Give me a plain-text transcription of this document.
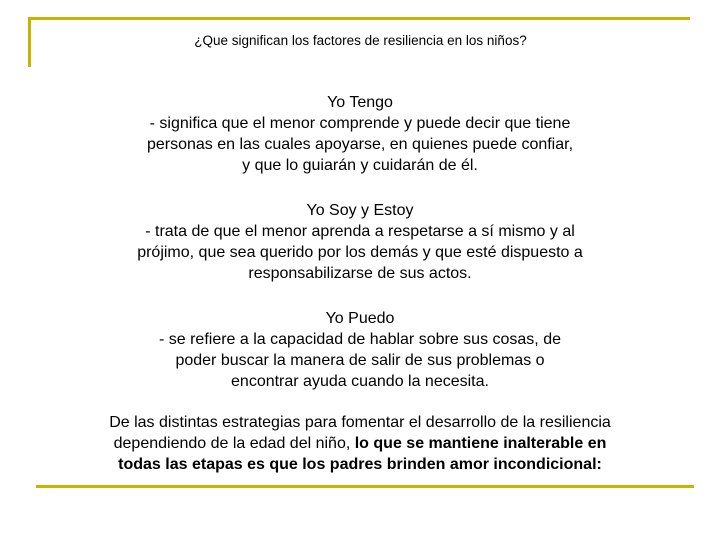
¿Que significan los factores de resiliencia en los niños?
Yo Tengo
- significa que el menor comprende y puede decir que tiene
personas en las cuales apoyarse, en quienes puede confiar,
y que lo guiarán y cuidarán de él.
Yo Soy y Estoy
- trata de que el menor aprenda a respetarse a sí mismo y al
prójimo, que sea querido por los demás y que esté dispuesto a
responsabilizarse de sus actos.
Yo Puedo
- se refiere a la capacidad de hablar sobre sus cosas, de
poder buscar la manera de salir de sus problemas o
encontrar ayuda cuando la necesita.
De las distintas estrategias para fomentar el desarrollo de la resiliencia
dependiendo de la edad del niño, lo que se mantiene inalterable en
todas las etapas es que los padres brinden amor incondicional:
